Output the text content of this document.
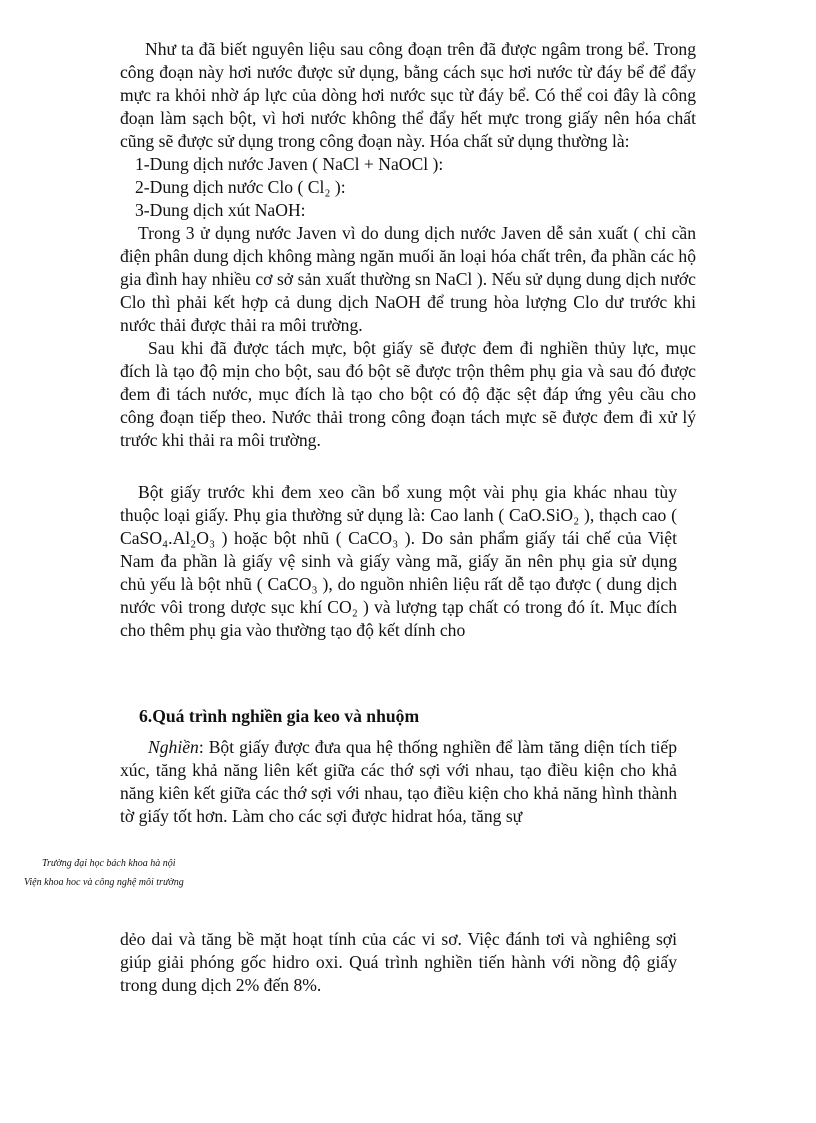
Như ta đã biết nguyên liệu sau công đoạn trên đã được ngâm trong bể. Trong công đoạn này hơi nước được sử dụng, bằng cách sục hơi nước từ đáy bể để đẩy mực ra khỏi nhờ áp lực của dòng hơi nước sục từ đáy bể. Có thể coi đây là công đoạn làm sạch bột, vì hơi nước không thể đẩy hết mực trong giấy nên hóa chất cũng sẽ được sử dụng trong công đoạn này. Hóa chất sử dụng thường là:

1-Dung dịch nước Javen ( NaCl + NaOCl ):
2-Dung dịch nước Clo ( Cl₂ ):
3-Dung dịch xút NaOH:

Trong 3 ử dụng nước Javen vì do dung dịch nước Javen dễ sản xuất ( chỉ cần điện phân dung dịch không màng ngăn muối ăn loại hóa chất trên, đa phần các hộ gia đình hay nhiều cơ sở sản xuất thường sn NaCl ). Nếu sử dụng dung dịch nước Clo thì phải kết hợp cả dung dịch NaOH để trung hòa lượng Clo dư trước khi nước thải được thải ra môi trường.

Sau khi đã được tách mực, bột giấy sẽ được đem đi nghiền thủy lực, mục đích là tạo độ mịn cho bột, sau đó bột sẽ được trộn thêm phụ gia và sau đó được đem đi tách nước, mục đích là tạo cho bột có độ đặc sệt đáp ứng yêu cầu cho công đoạn tiếp theo. Nước thải trong công đoạn tách mực sẽ được đem đi xử lý trước khi thải ra môi trường.

Bột giấy trước khi đem xeo cần bổ xung một vài phụ gia khác nhau tùy thuộc loại giấy. Phụ gia thường sử dụng là: Cao lanh ( CaO.SiO₂ ), thạch cao ( CaSO₄.Al₂O₃ ) hoặc bột nhũ ( CaCO₃ ). Do sản phẩm giấy tái chế của Việt Nam đa phần là giấy vệ sinh và giấy vàng mã, giấy ăn nên phụ gia sử dụng chủ yếu là bột nhũ ( CaCO₃ ), do nguồn nhiên liệu rất dễ tạo được ( dung dịch nước vôi trong dược sục khí CO₂ ) và lượng tạp chất có trong đó ít. Mục đích cho thêm phụ gia vào thường tạo độ kết dính cho

6.Quá trình nghiền gia keo và nhuộm

Nghiền: Bột giấy được đưa qua hệ thống nghiền để làm tăng diện tích tiếp xúc, tăng khả năng liên kết giữa các thớ sợi với nhau, tạo điều kiện cho khả năng kiên kết giữa các thớ sợi với nhau, tạo điều kiện cho khả năng hình thành tờ giấy tốt hơn. Làm cho các sợi được hidrat hóa, tăng sự

Trường đại học bách khoa hà nội
Viện khoa hoc và công nghệ môi trường

dẻo dai và tăng bề mặt hoạt tính của các vi sơ. Việc đánh tơi và nghiêng sợi giúp giải phóng gốc hidro oxi. Quá trình nghiền tiến hành với nồng độ giấy trong dung dịch 2% đến 8%.
